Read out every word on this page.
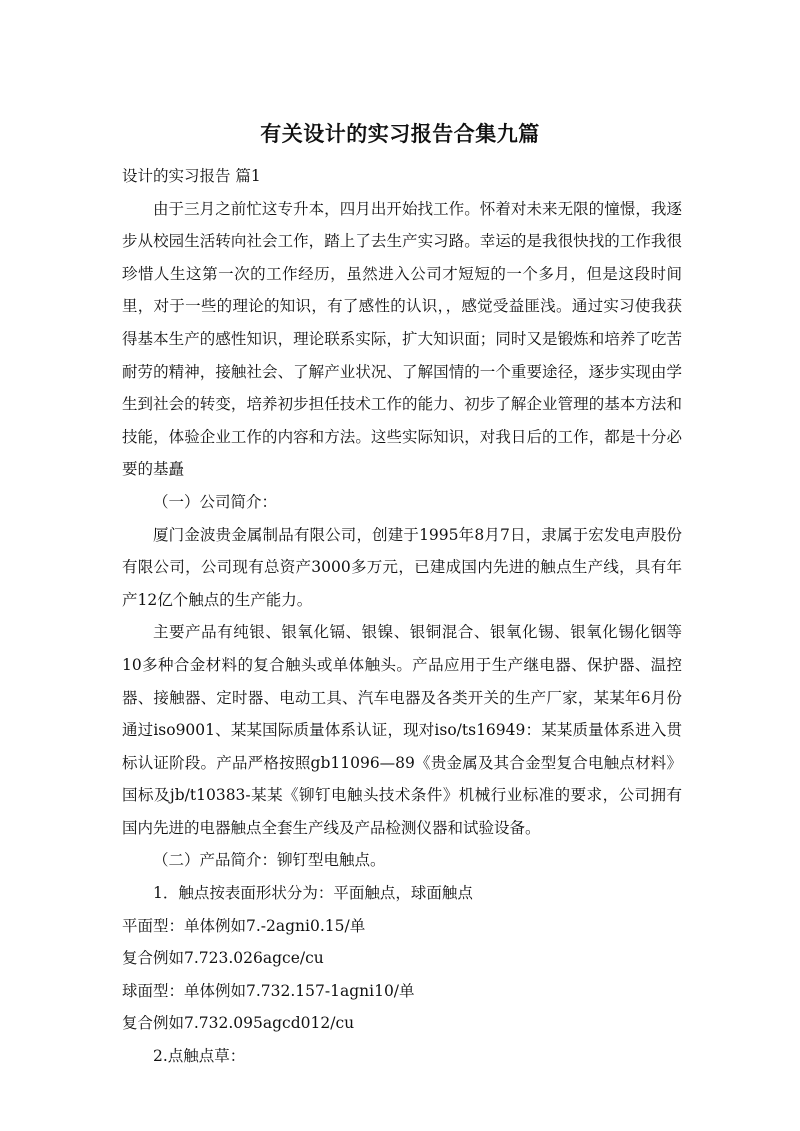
有关设计的实习报告合集九篇

设计的实习报告 篇1

由于三月之前忙这专升本，四月出开始找工作。怀着对未来无限的憧憬，我逐步从校园生活转向社会工作，踏上了去生产实习路。幸运的是我很快找的工作我很珍惜人生这第一次的工作经历，虽然进入公司才短短的一个多月，但是这段时间里，对于一些的理论的知识，有了感性的认识，，感觉受益匪浅。通过实习使我获得基本生产的感性知识，理论联系实际，扩大知识面；同时又是锻炼和培养了吃苦耐劳的精神，接触社会、了解产业状况、了解国情的一个重要途径，逐步实现由学生到社会的转变，培养初步担任技术工作的能力、初步了解企业管理的基本方法和技能，体验企业工作的内容和方法。这些实际知识，对我日后的工作，都是十分必要的基矗

（一）公司简介：

厦门金波贵金属制品有限公司，创建于1995年8月7日，隶属于宏发电声股份有限公司，公司现有总资产3000多万元，已建成国内先进的触点生产线，具有年产12亿个触点的生产能力。

主要产品有纯银、银氧化镉、银镍、银铜混合、银氧化锡、银氧化锡化铟等10多种合金材料的复合触头或单体触头。产品应用于生产继电器、保护器、温控器、接触器、定时器、电动工具、汽车电器及各类开关的生产厂家，某某年6月份通过iso9001、某某国际质量体系认证，现对iso/ts16949：某某质量体系进入贯标认证阶段。产品严格按照gb11096—89《贵金属及其合金型复合电触点材料》国标及jb/t10383-某某《铆钉电触头技术条件》机械行业标准的要求，公司拥有国内先进的电器触点全套生产线及产品检测仪器和试验设备。

（二）产品简介：铆钉型电触点。

1．触点按表面形状分为：平面触点，球面触点

平面型：单体例如7.-2agni0.15/单

复合例如7.723.026agce/cu

球面型：单体例如7.732.157-1agni10/单

复合例如7.732.095agcd012/cu

2.点触点草：
